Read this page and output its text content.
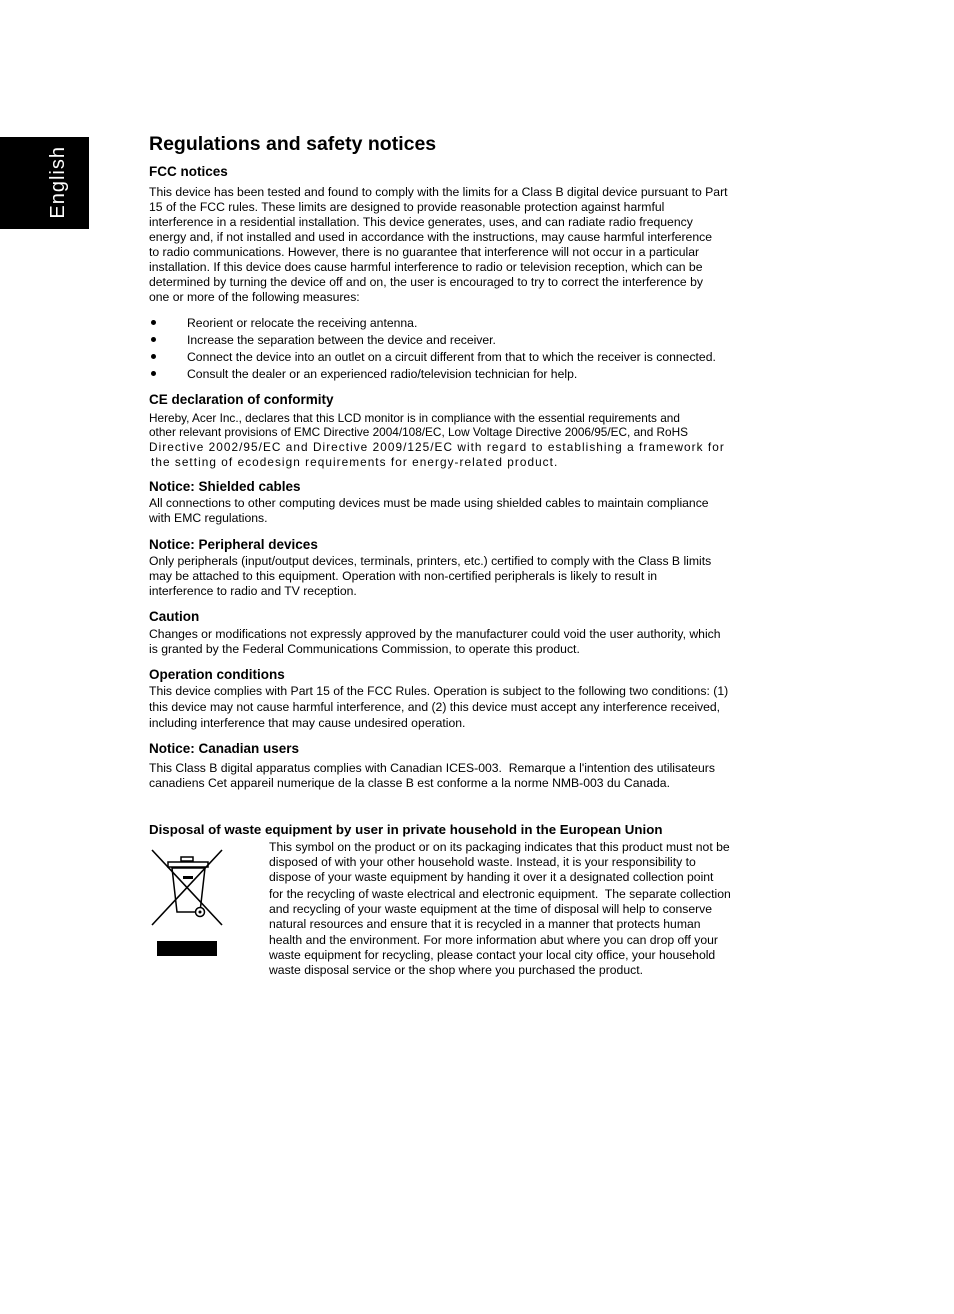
English
Regulations and safety notices
FCC notices
This device has been tested and found to comply with the limits for a Class B digital device pursuant to Part
15 of the FCC rules. These limits are designed to provide reasonable protection against harmful
interference in a residential installation. This device generates, uses, and can radiate radio frequency
energy and, if not installed and used in accordance with the instructions, may cause harmful interference
to radio communications. However, there is no guarantee that interference will not occur in a particular
installation. If this device does cause harmful interference to radio or television reception, which can be
determined by turning the device off and on, the user is encouraged to try to correct the interference by
one or more of the following measures:
Reorient or relocate the receiving antenna.
Increase the separation between the device and receiver.
Connect the device into an outlet on a circuit different from that to which the receiver is connected.
Consult the dealer or an experienced radio/television technician for help.
CE declaration of conformity
Hereby, Acer Inc., declares that this LCD monitor is in compliance with the essential requirements and
other relevant provisions of EMC Directive 2004/108/EC, Low Voltage Directive 2006/95/EC, and RoHS
Directive 2002/95/EC and Directive 2009/125/EC with regard to establishing a framework for
the setting of ecodesign requirements for energy-related product.
Notice: Shielded cables
All connections to other computing devices must be made using shielded cables to maintain compliance
with EMC regulations.
Notice: Peripheral devices
Only peripherals (input/output devices, terminals, printers, etc.) certified to comply with the Class B limits
may be attached to this equipment. Operation with non-certified peripherals is likely to result in
interference to radio and TV reception.
Caution
Changes or modifications not expressly approved by the manufacturer could void the user authority, which
is granted by the Federal Communications Commission, to operate this product.
Operation conditions
This device complies with Part 15 of the FCC Rules. Operation is subject to the following two conditions: (1)
this device may not cause harmful interference, and (2) this device must accept any interference received,
including interference that may cause undesired operation.
Notice: Canadian users
This Class B digital apparatus complies with Canadian ICES-003.  Remarque a l'intention des utilisateurs
canadiens Cet appareil numerique de la classe B est conforme a la norme NMB-003 du Canada.
Disposal of waste equipment by user in private household in the European Union
This symbol on the product or on its packaging indicates that this product must not be
disposed of with your other household waste. Instead, it is your responsibility to
dispose of your waste equipment by handing it over it a designated collection point
for the recycling of waste electrical and electronic equipment.  The separate collection
and recycling of your waste equipment at the time of disposal will help to conserve
natural resources and ensure that it is recycled in a manner that protects human
health and the environment. For more information abut where you can drop off your
waste equipment for recycling, please contact your local city office, your household
waste disposal service or the shop where you purchased the product.
